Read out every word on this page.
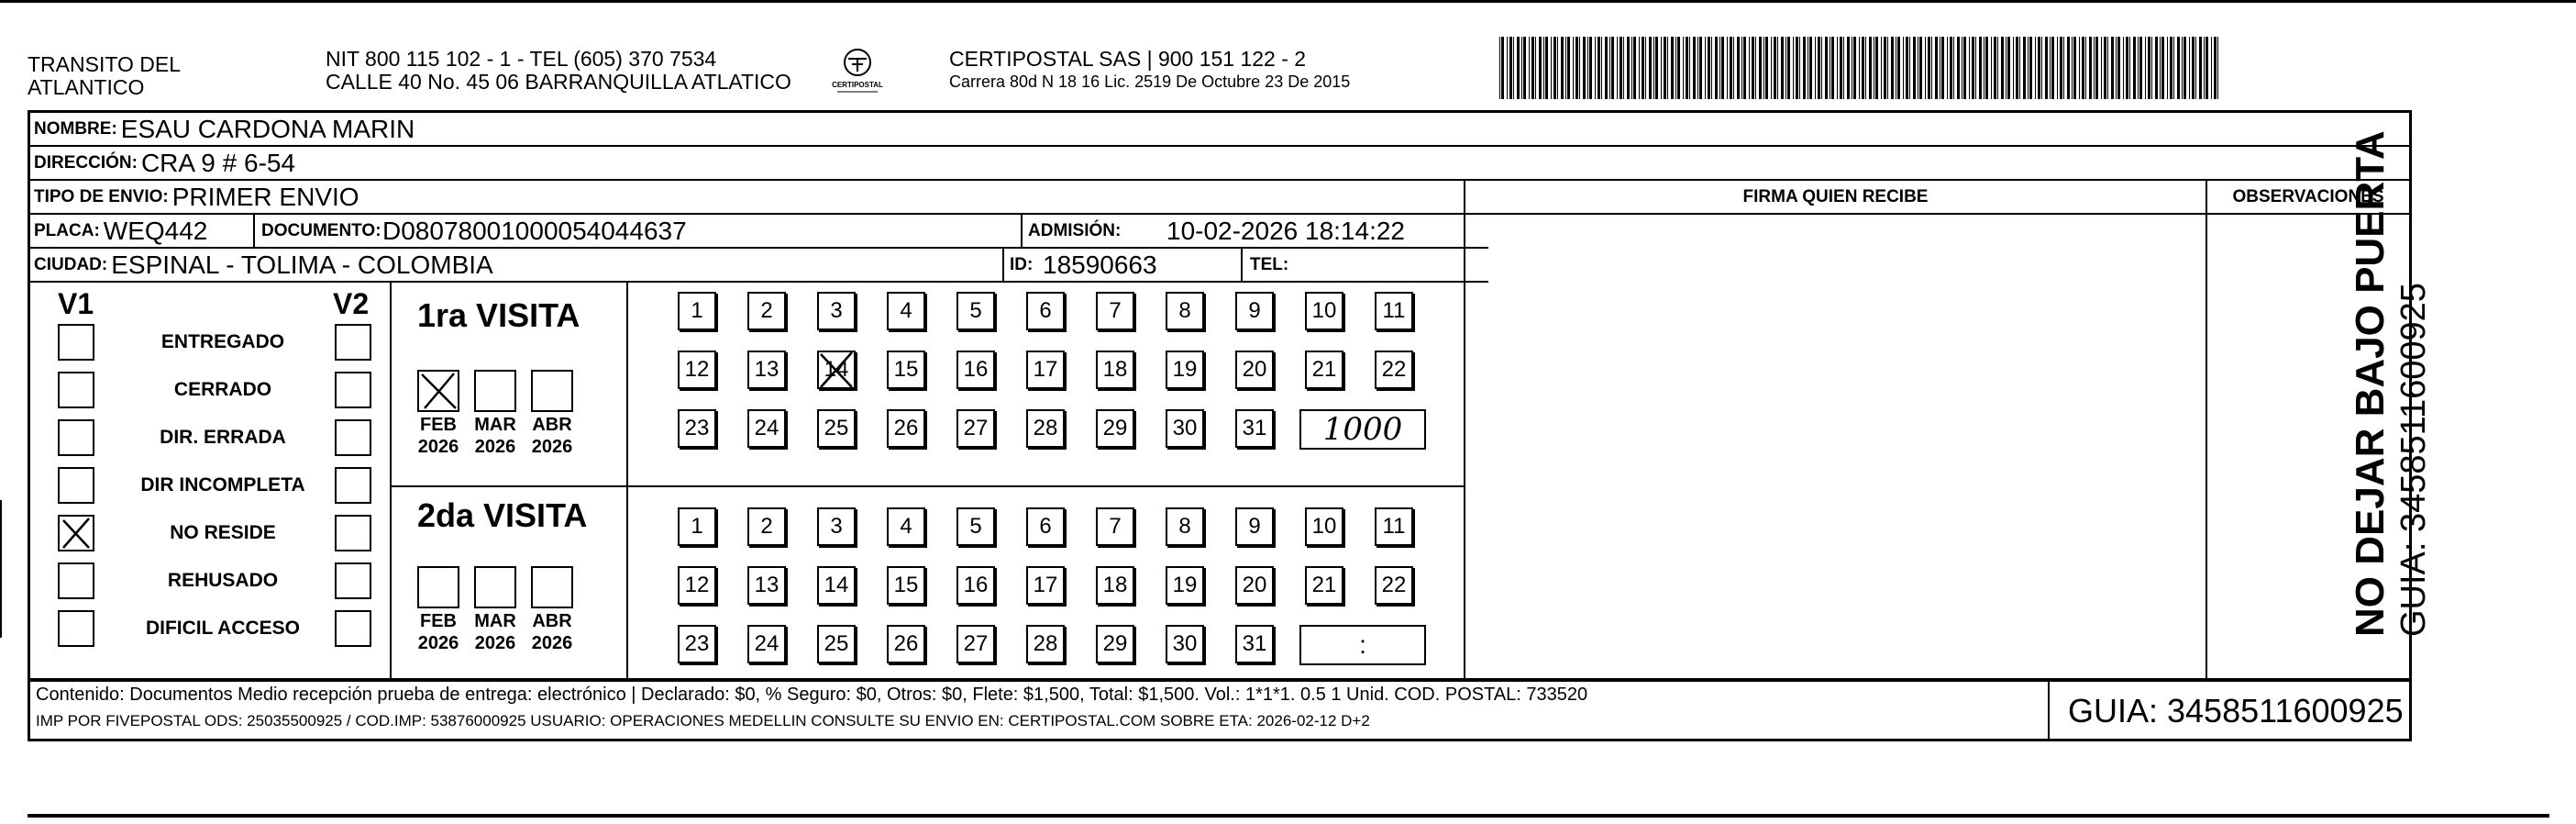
TRANSITO DEL
ATLANTICO
NIT 800 115 102 - 1 - TEL (605) 370 7534
CALLE 40 No. 45 06 BARRANQUILLA ATLATICO	CERTIPOSTAL
CERTIPOSTAL SAS | 900 151 122 - 2
Carrera 80d N 18 16 Lic. 2519 De Octubre 23 De 2015
NOMBRE: ESAU CARDONA MARIN
DIRECCIÓN: CRA 9 # 6-54
TIPO DE ENVIO: PRIMER ENVIO
PLACA: WEQ442	DOCUMENTO: D08078001000054044637	ADMISIÓN: 10-02-2026 18:14:22
CIUDAD: ESPINAL - TOLIMA - COLOMBIA	ID: 18590663	TEL:
FIRMA QUIEN RECIBE	OBSERVACIONES
V1	V2
ENTREGADO
CERRADO
DIR. ERRADA
DIR INCOMPLETA
NO RESIDE
REHUSADO
DIFICIL ACCESO
1ra VISITA
FEB
2026
MAR
2026
ABR
2026
2da VISITA
FEB
2026
MAR
2026
ABR
2026
1	2	3	4	5	6	7	8	9	10	11
12	13	14	15	16	17	18	19	20	21	22
23	24	25	26	27	28	29	30	31	1000
1	2	3	4	5	6	7	8	9	10	11
12	13	14	15	16	17	18	19	20	21	22
23	24	25	26	27	28	29	30	31	:
Contenido: Documentos Medio recepción prueba de entrega: electrónico | Declarado: $0, % Seguro: $0, Otros: $0, Flete: $1,500, Total: $1,500. Vol.: 1*1*1. 0.5 1 Unid. COD. POSTAL: 733520
IMP POR FIVEPOSTAL ODS: 25035500925 / COD.IMP: 53876000925 USUARIO: OPERACIONES MEDELLIN CONSULTE SU ENVIO EN: CERTIPOSTAL.COM SOBRE ETA: 2026-02-12 D+2	GUIA: 3458511600925
NO DEJAR BAJO PUERTA GUIA: 3458511600925
